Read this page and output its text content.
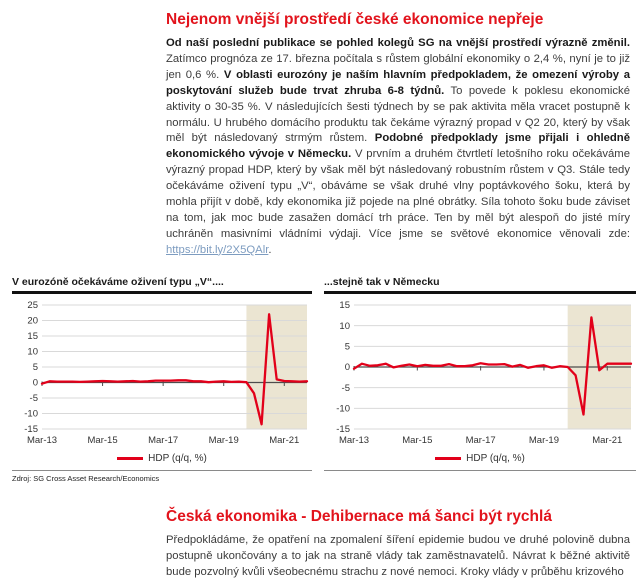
Nejenom vnější prostředí české ekonomice nepřeje

Od naší poslední publikace se pohled kolegů SG na vnější prostředí výrazně změnil. Zatímco prognóza ze 17. března počítala s růstem globální ekonomiky o 2,4 %, nyní je to již jen 0,6 %. V oblasti eurozóny je naším hlavním předpokladem, že omezení výroby a poskytování služeb bude trvat zhruba 6-8 týdnů. To povede k poklesu ekonomické aktivity o 30-35 %. V následujících šesti týdnech by se pak aktivita měla vracet postupně k normálu. U hrubého domácího produktu tak čekáme výrazný propad v Q2 20, který by však měl být následovaný strmým růstem. Podobné předpoklady jsme přijali i ohledně ekonomického vývoje v Německu. V prvním a druhém čtvrtletí letošního roku očekáváme výrazný propad HDP, který by však měl být následovaný robustním růstem v Q3. Stále tedy očekáváme oživení typu „V“, obáváme se však druhé vlny poptávkového šoku, která by mohla přijít v době, kdy ekonomika již pojede na plné obrátky. Síla tohoto šoku bude záviset na tom, jak moc bude zasažen domácí trh práce. Ten by měl být alespoň do jisté míry uchráněn masivními vládními výdaji. Více jsme se světové ekonomice věnovali zde: https://bit.ly/2X5QAlr.

V eurozóně očekáváme oživení typu „V“....
-15
-10
-5
0
5
10
15
20
25
Mar-13	Mar-15	Mar-17	Mar-19	Mar-21
HDP (q/q, %)
...stejně tak v Německu
-15
-10
-5
0
5
10
15
Mar-13	Mar-15	Mar-17	Mar-19	Mar-21
HDP (q/q, %)
Zdroj: SG Cross Asset Research/Economics
Česká ekonomika - Dehibernace má šanci být rychlá

Předpokládáme, že opatření na zpomalení šíření epidemie budou ve druhé polovině dubna postupně ukončovány a to jak na straně vlády tak zaměstnavatelů. Návrat k běžné aktivitě bude pozvolný kvůli všeobecnému strachu z nové nemoci. Kroky vlády v průběhu krizového
